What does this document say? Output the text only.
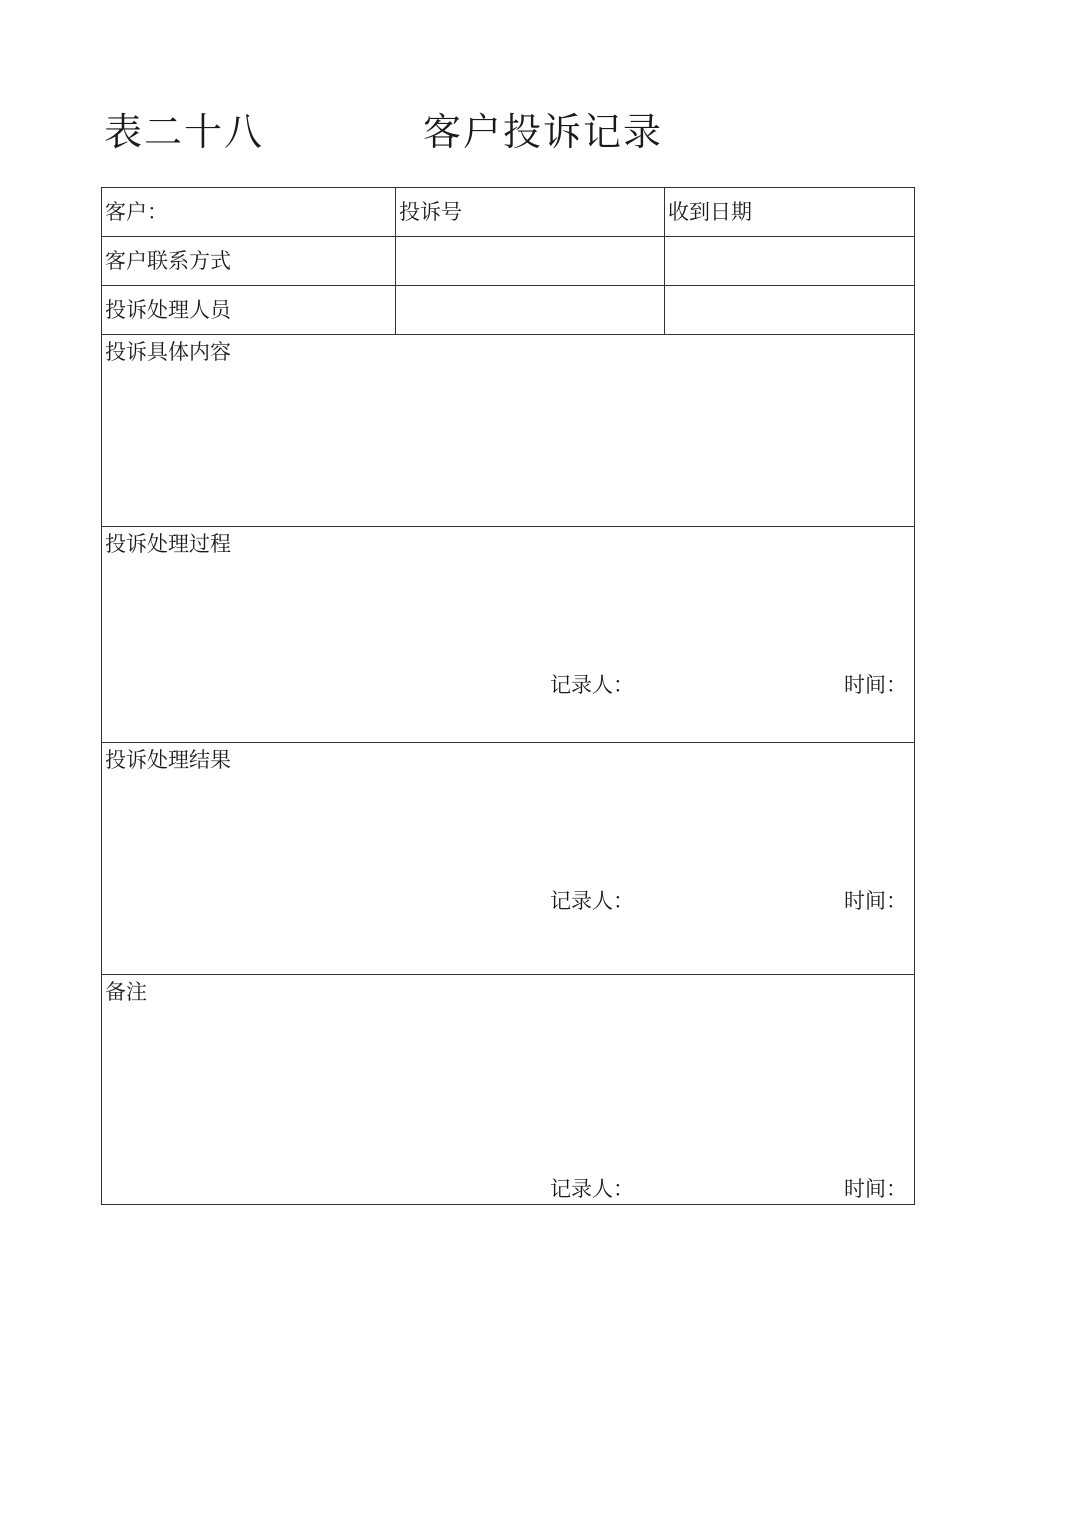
表二十八	客户投诉记录
客户：	投诉号	收到日期
客户联系方式
投诉处理人员
投诉具体内容
投诉处理过程
记录人：	时间：
投诉处理结果
记录人：	时间：
备注
记录人：	时间：
